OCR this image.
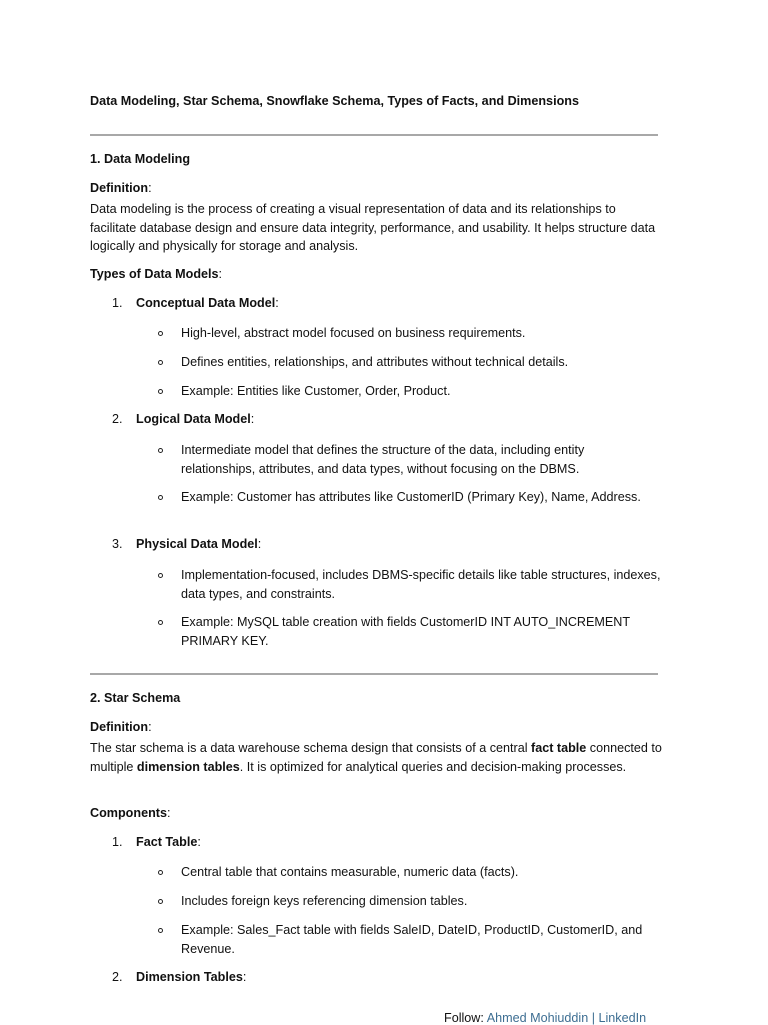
Data Modeling, Star Schema, Snowflake Schema, Types of Facts, and Dimensions
1. Data Modeling
Definition:

Data modeling is the process of creating a visual representation of data and its relationships to facilitate database design and ensure data integrity, performance, and usability. It helps structure data logically and physically for storage and analysis.

Types of Data Models:
1. Conceptual Data Model:

High-level, abstract model focused on business requirements.

Defines entities, relationships, and attributes without technical details.

Example: Entities like Customer, Order, Product.

2. Logical Data Model:

Intermediate model that defines the structure of the data, including entity relationships, attributes, and data types, without focusing on the DBMS.

Example: Customer has attributes like CustomerID (Primary Key), Name, Address.

3. Physical Data Model:

Implementation-focused, includes DBMS-specific details like table structures, indexes, data types, and constraints.

Example: MySQL table creation with fields CustomerID INT AUTO_INCREMENT PRIMARY KEY.

2. Star Schema
Definition:

The star schema is a data warehouse schema design that consists of a central fact table connected to multiple dimension tables. It is optimized for analytical queries and decision-making processes.

Components:
1. Fact Table:

Central table that contains measurable, numeric data (facts).

Includes foreign keys referencing dimension tables.

Example: Sales_Fact table with fields SaleID, DateID, ProductID, CustomerID, and Revenue.

2. Dimension Tables:
Follow: Ahmed Mohiuddin | LinkedIn
